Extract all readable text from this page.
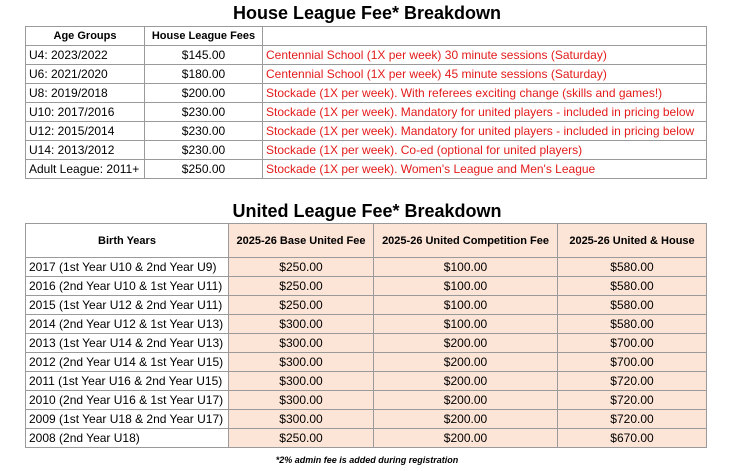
House League Fee* Breakdown
Age Groups	House League Fees	
U4: 2023/2022	$145.00	Centennial School (1X per week) 30 minute sessions (Saturday)
U6: 2021/2020	$180.00	Centennial School (1X per week) 45 minute sessions (Saturday)
U8: 2019/2018	$200.00	Stockade (1X per week). With referees exciting change (skills and games!)
U10: 2017/2016	$230.00	Stockade (1X per week). Mandatory for united players - included in pricing below
U12: 2015/2014	$230.00	Stockade (1X per week). Mandatory for united players - included in pricing below
U14: 2013/2012	$230.00	Stockade (1X per week). Co-ed (optional for united players)
Adult League: 2011+	$250.00	Stockade (1X per week). Women's League and Men's League
United League Fee* Breakdown
Birth Years	2025-26 Base United Fee	2025-26 United Competition Fee	2025-26 United & House
2017 (1st Year U10 & 2nd Year U9)	$250.00	$100.00	$580.00
2016 (2nd Year U10 & 1st Year U11)	$250.00	$100.00	$580.00
2015 (1st Year U12 & 2nd Year U11)	$250.00	$100.00	$580.00
2014 (2nd Year U12 & 1st Year U13)	$300.00	$100.00	$580.00
2013 (1st Year U14 & 2nd Year U13)	$300.00	$200.00	$700.00
2012 (2nd Year U14 & 1st Year U15)	$300.00	$200.00	$700.00
2011 (1st Year U16 & 2nd Year U15)	$300.00	$200.00	$720.00
2010 (2nd Year U16 & 1st Year U17)	$300.00	$200.00	$720.00
2009 (1st Year U18 & 2nd Year U17)	$300.00	$200.00	$720.00
2008 (2nd Year U18)	$250.00	$200.00	$670.00
*2% admin fee is added during registration
